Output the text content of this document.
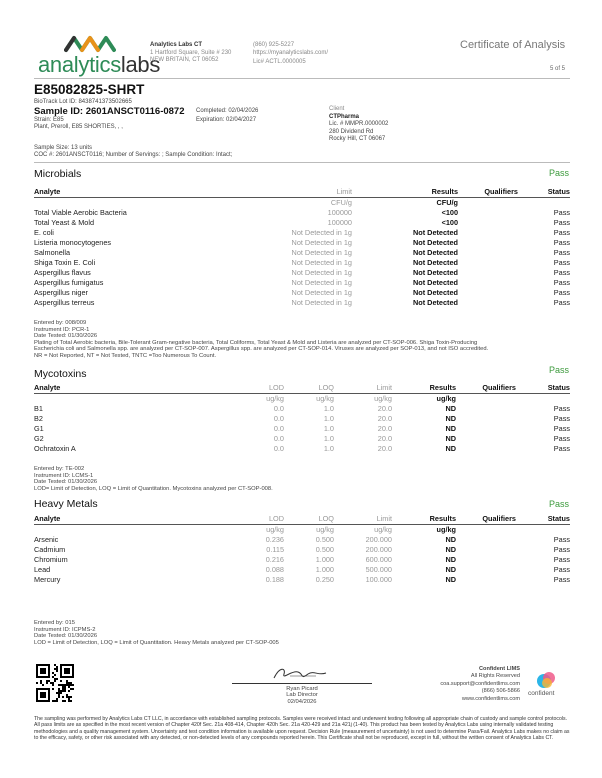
analyticslabs
Analytics Labs CT
1 Hartford Square, Suite # 230
NEW BRITAIN, CT 06052
(860) 925-5227
https://myanalyticslabs.com/
Lic# ACTL.0000005
Certificate of Analysis
5 of 5
E85082825-SHRT
BioTrack Lot ID: 8438741373502665
Sample ID: 2601ANSCT0116-0872
Strain: E85
Plant, Preroll, E85 SHORTIES, , ,
Completed: 02/04/2026
Expiration: 02/04/2027
Client
CTPharma
Lic. # MMPR.0000002
280 Dividend Rd
Rocky Hill, CT 06067
Sample Size: 13 units
COC #: 2601ANSCT0116; Number of Servings: ; Sample Condition: Intact;
Microbials	Pass
Analyte	Limit	Results	Qualifiers	Status
	CFU/g	CFU/g		
Total Viable Aerobic Bacteria	100000	<100		Pass
Total Yeast & Mold	100000	<100		Pass
E. coli	Not Detected in 1g	Not Detected		Pass
Listeria monocytogenes	Not Detected in 1g	Not Detected		Pass
Salmonella	Not Detected in 1g	Not Detected		Pass
Shiga Toxin E. Coli	Not Detected in 1g	Not Detected		Pass
Aspergillus flavus	Not Detected in 1g	Not Detected		Pass
Aspergillus fumigatus	Not Detected in 1g	Not Detected		Pass
Aspergillus niger	Not Detected in 1g	Not Detected		Pass
Aspergillus terreus	Not Detected in 1g	Not Detected		Pass
Entered by: 008/009
Instrument ID: PCR-1
Date Tested: 01/30/2026
Plating of Total Aerobic bacteria, Bile-Tolerant Gram-negative bacteria, Total Coliforms, Total Yeast & Mold and Listeria are analyzed per CT-SOP-006. Shiga Toxin-Producing
Escherichia coli and Salmonella spp. are analyzed per CT-SOP-007. Aspergillus spp. are analyzed per CT-SOP-014. Viruses are analyzed per SOP-013, and not ISO accredited.
NR = Not Reported, NT = Not Tested, TNTC =Too Numerous To Count.
Mycotoxins	Pass
Analyte	LOD	LOQ	Limit	Results	Qualifiers	Status
	ug/kg	ug/kg	ug/kg	ug/kg		
B1	0.0	1.0	20.0	ND		Pass
B2	0.0	1.0	20.0	ND		Pass
G1	0.0	1.0	20.0	ND		Pass
G2	0.0	1.0	20.0	ND		Pass
Ochratoxin A	0.0	1.0	20.0	ND		Pass
Entered by: TE-002
Instrument ID: LCMS-1
Date Tested: 01/30/2026
LOD= Limit of Detection, LOQ = Limit of Quantitation. Mycotoxins analyzed per CT-SOP-008.
Heavy Metals	Pass
Analyte	LOD	LOQ	Limit	Results	Qualifiers	Status
	ug/kg	ug/kg	ug/kg	ug/kg		
Arsenic	0.236	0.500	200.000	ND		Pass
Cadmium	0.115	0.500	200.000	ND		Pass
Chromium	0.216	1.000	600.000	ND		Pass
Lead	0.088	1.000	500.000	ND		Pass
Mercury	0.188	0.250	100.000	ND		Pass
Entered by: 015
Instrument ID: ICPMS-2
Date Tested: 01/30/2026
LOD = Limit of Detection, LOQ = Limit of Quantitation. Heavy Metals analyzed per CT-SOP-005
Ryan Picard
Lab Director
02/04/2026
Confident LIMS
All Rights Reserved
coa.support@confidentlims.com
(866) 506-5866
www.confidentlims.com
confident
The sampling was performed by Analytics Labs CT LLC, in accordance with established sampling protocols. Samples were received intact and underwent testing following all appropriate chain of custody and sample control protocols. All pass limits are as specified in the most recent version of Chapter 420f Sec. 21a 408-414, Chapter 420h Sec. 21a 420-429 and 21a 421j (1-40). This product has been tested by Analytics Labs using internally validated testing methodologies and a quality management system. Uncertainty and test condition information is available upon request. Decision Rule (measurement of uncertainty) is not used to determine Pass/Fail. Analytics Labs makes no claim as to the efficacy, safety, or other risk associated with any detected, or non-detected levels of any compounds reported herein. This Certificate shall not be reproduced, except in full, without the written consent of Analytics Labs CT.
